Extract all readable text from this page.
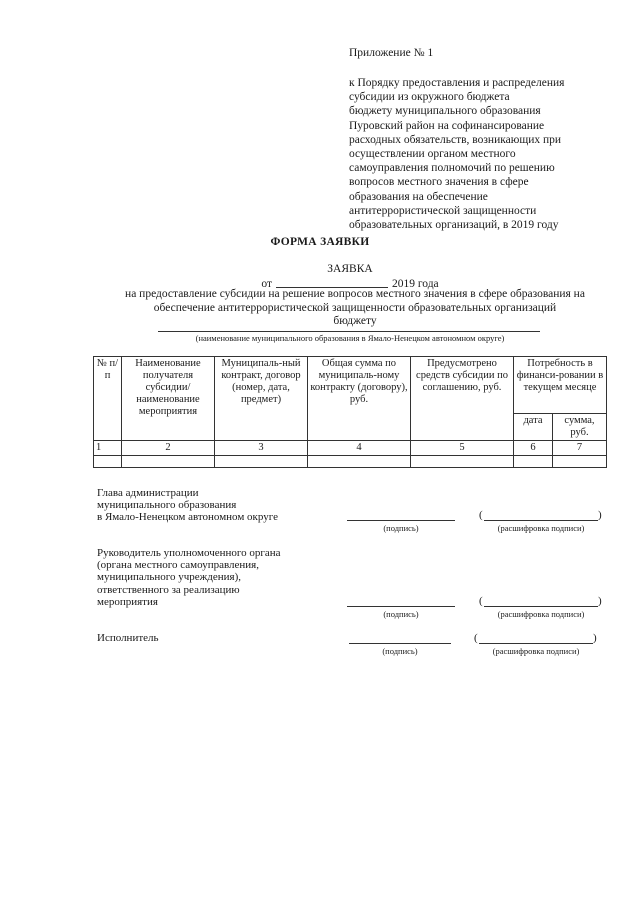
Приложение № 1
к Порядку предоставления и распределения
субсидии из окружного бюджета
бюджету муниципального образования
Пуровский район на софинансирование
расходных обязательств, возникающих при
осуществлении органом местного
самоуправления полномочий по решению
вопросов местного значения в сфере
образования на обеспечение
антитеррористической защищенности
образовательных организаций, в 2019 году
ФОРМА ЗАЯВКИ
ЗАЯВКА
от	2019 года
на предоставление субсидии на решение вопросов местного значения в сфере образования на
обеспечение антитеррористической защищенности образовательных организаций
бюджету
(наименование муниципального образования в Ямало-Ненецком автономном округе)
№ п/п	Наименование получателя субсидии/ наименование мероприятия	Муниципаль-ный контракт, договор (номер, дата, предмет)	Общая сумма по муниципаль-ному контракту (договору), руб.	Предусмотрено средств субсидии по соглашению, руб.	Потребность в финанси-ровании в текущем месяце	
					дата	сумма, руб.
1	2	3	4	5	6	7

Глава администрации
муниципального образования
в Ямало-Ненецком автономном округе
(подпись)
(	)
(расшифровка подписи)
Руководитель уполномоченного органа
(органа местного самоуправления,
муниципального учреждения),
ответственного за реализацию
мероприятия
(подпись)
(	)
(расшифровка подписи)
Исполнитель
(подпись)
(	)
(расшифровка подписи)
